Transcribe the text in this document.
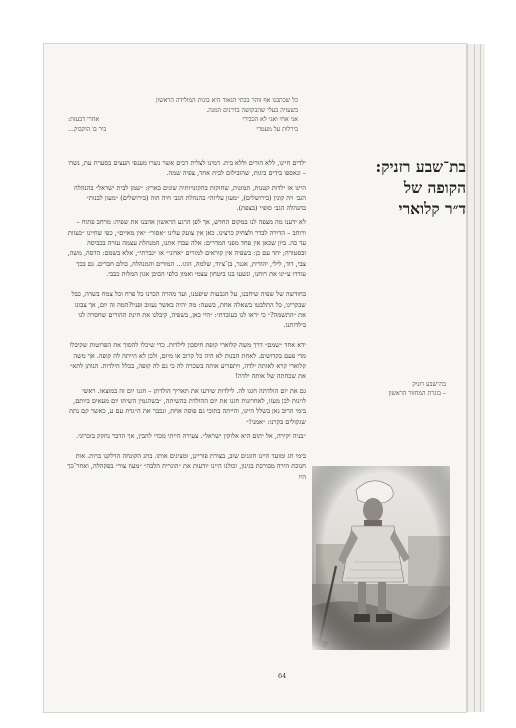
כל שכתבנו אף זוהר בבתי הנאוד היא בונות המולידה הראשון
בשעזיה בעלי שהבקושה בדרנים המנה.
אני אחי ואגי לא הכבירי
אחרי דבעזת:
בירלות על מעמדי
ביר בו הוקבוק...
בת־שבע רזניק:
הקופה של
ד״ר קלוארי

ילדים חיינו, ללא הורים וללא בית. דמינו לצלית דכים אשר נשרו מענפי העצים בסערת עת, נשרו – ונאספו בידים ביגות, שהובילום לבית אחד, צפיה שמה.

היינו אז ילדות קטנות, תמונות, שחוקות בהקונויותיה שונים בארץ: ״שמן לבית ישראל״ בהנהלה הגב׳ ויה קונין (בירושלים), ״מעון עליזה״ בהנהלת הגב׳ חיה הוה (בירושלים) ״מעון לבנות״ בהנהלה הגב׳ סופיי (בצפת).

לא ידענו מה מצפה לנו במקום החדש, אך לפן הרגע הראשון אהבנו את שפיה: מרחב פתוח – ורוחב – הדירה לבדר ולצחיק כרצינו. כאן אין צועק עלינו ״אסור״ ״אין מאיים״, כפי שחיינו ״כעזות עד כה. ביון שכאן אין פחד מפני המדרים: אלה עבדו אתנו, המנהלת עצמה עזרה בכביסה ובסטורה; יחד עם כן: בשפיה אין קוראים למורים ״אדוני״ או ״גברתי״, אלא בשמם: הדסה, משה, צבי, דוד, לילי, יהודית, אגנר, בן־ציוד, שלמה, הוגו... המורים והמנהלה, כולם חברים. גם בכך עודדו ע״יגו את רוחנו, ונשעו בנו ביטחון עצמי ואמון כלפי הכוכן אגון המלות כבבי.

בחודשה של שפיה שיחבנו, על הגבעות שיפטנו, ועד מהרה הכרנו כל פרח וכל צמח בשדה, כבל שבקריגו, כל התלבטו בשאלה אחת, בשעה: מה יהיה באשר נעזוב ופניו?המה זה יום, אך צבונו את ״התשמה?״ כי יראו לנו כעובדתי: ״היי כאן, בשפיה, קיבלנו את חינת ההורים שחסרה לנו בילדותנו.

ידא אחד ״שמם״ דרך משה קלוארי קופת חיסכון לילדות. כדי שיכלו להסוך את הפרוטות שקיבלו מדי פעם בקדושים. לאחת הבנות לא היה כל קרוב או מיום, ולכן לא הייתה לה קופה. אך משה קלוארי קרא לאותה ילדה, ויתפריע אותה בשכרה לה כי גם לה קופה, בכלל הילדות. הנותן לתא״ את שכחתה של אותה ילדה!

גם את יום הולדתה חגגו לה. לילדות שידעו את תאריך הולדתן – חגגו יום זה במוצאו. ראשי לוינות לכן מעזו, לאחרונות חגגו את יום ההולדת בהשיתה, ״בשהגמין השיתו יום מעאים ביותם, בימי הרוב גאן בשלל היינו, והייתה בתוכי גם פוסה אחת, ונכבר את ה״גדת עם ע, כאשר קם נתת שגקולים בקרנו: ״אמני!״

״בניה יקירה, אל יתום היא אלוקין ישראל״. צעירה הייתי מכדי להבין, אך הדבר נחקק בזכרוני.

בימי חג ומועד היינו חוגגים שוב, בצורת פוריינן, ומציגים אותו. בתג הקונחה הדלקנו ברות. אות חנוכת הירה מבורכת בגינון, וכולנו היינו יודעות את ״הוגרית הלבה״ ״מעוז צור״ בפקהלה, ואחר־כך היו

בת־שבע רזניק
– בוגרת המחזור הראשון
64
